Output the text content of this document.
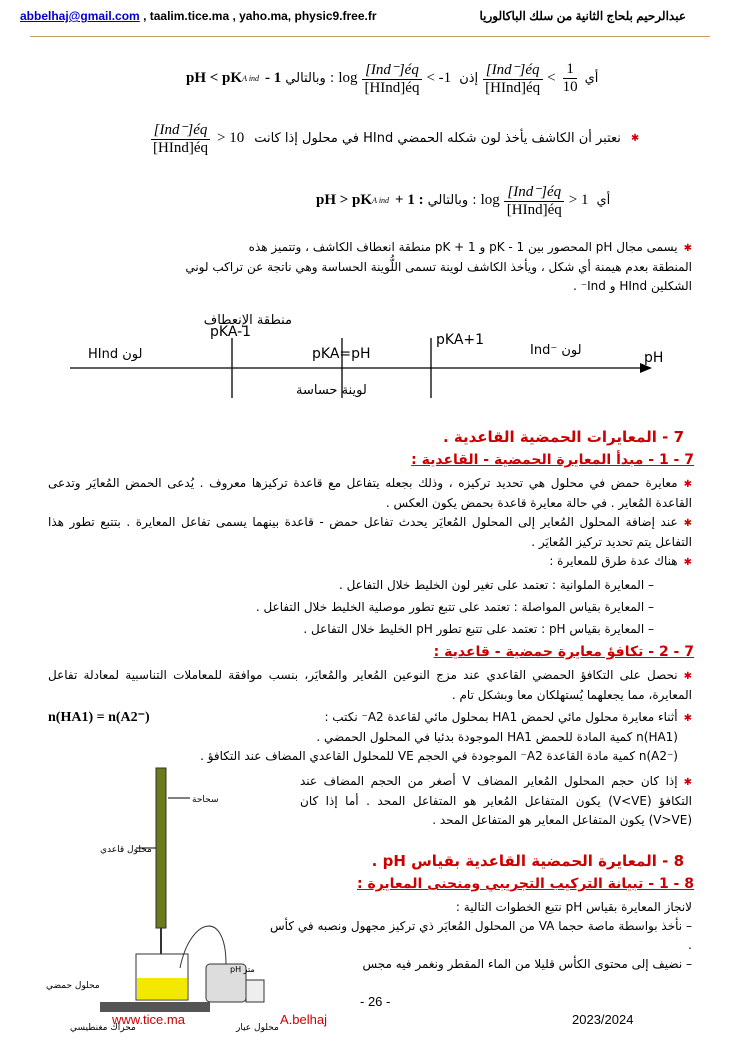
abbelhaj@gmail.com , taalim.tice.ma , yaho.ma, physic9.free.fr	عبدالرحيم بلحاج الثانية من سلك الباكالوريا
pH < pK A ind - 1 وبالتالي : $\log \frac{\text{[Ind⁻]éq}}{\text{[HInd]éq}} < -1$ إذن $\frac{\text{[Ind⁻]éq}}{\text{[HInd]éq}} < \frac{1}{10}$ أي
$\frac{\text{[Ind⁻]éq}}{\text{[HInd]éq}} > 10$ نعتبر أن الكاشف يأخذ لون شكله الحمضي HInd في محلول إذا كانت ✱
pH > pK A ind + 1 : وبالتالي : $\log \frac{\text{[Ind⁻]éq}}{\text{[HInd]éq}} > 1$ أي
✱يسمى مجال pH المحصور بين pK - 1 و pK + 1 منطقة انعطاف الكاشف ، وتتميز هذه
المنطقة بعدم هيمنة أي شكل ، ويأخذ الكاشف لوينة تسمى اللُّوينة الحساسة وهي ناتجة عن تراكب لوني
الشكلين HInd و Ind⁻ .
منطقة الإنعطاف
pKA-1
pKA=pH
pKA+1
HInd لون	Ind⁻ لون	pH
لوينة حساسة
7 - المعايرات الحمضية القاعدية .
7 - 1 - مبدأ المعايرة الحمضية - القاعدية :
✱معايرة حمض في محلول هي تحديد تركيزه ، وذلك بجعله يتفاعل مع قاعدة تركيزها معروف . يُدعى الحمض المُعايَر وتدعى القاعدة المُعاير . في حالة معايرة قاعدة بحمض يكون العكس .
✱عند إضافة المحلول المُعاير إلى المحلول المُعايَر يحدث تفاعل حمض - قاعدة بينهما يسمى تفاعل المعايرة . بتتبع تطور هذا التفاعل يتم تحديد تركيز المُعايَر .
✱هناك عدة طرق للمعايرة :
– المعايرة الملوانية : تعتمد على تغير لون الخليط خلال التفاعل .
– المعايرة بقياس المواصلة : تعتمد على تتبع تطور موصلية الخليط خلال التفاعل .
– المعايرة بقياس pH : تعتمد على تتبع تطور pH الخليط خلال التفاعل .
7 - 2 - تكافؤ معايرة حمضية - قاعدية :
✱نحصل على التكافؤ الحمضي القاعدي عند مزج النوعين المُعاير والمُعايَر، بنسب موافقة للمعاملات التناسبية لمعادلة تفاعل المعايرة، مما يجعلهما يُستهلكان معا وبشكل تام .
✱أثناء معايرة محلول مائي لحمض HA1 بمحلول مائي لقاعدة A2⁻ نكتب :
n(HA1) = n(A2⁻)
n(HA1) كمية المادة للحمض HA1 الموجودة بدئيا في المحلول الحمضي .
n(A2⁻) كمية مادة القاعدة A2⁻ الموجودة في الحجم VE للمحلول القاعدي المضاف عند التكافؤ .
✱إذا كان حجم المحلول المُعاير المضاف V أصغر من الحجم المضاف عند التكافؤ (V<VE) يكون المتفاعل المُعاير هو المتفاعل المحد . أما إذا كان (V>VE) يكون المتفاعل المعاير هو المتفاعل المحد .
8 - المعايرة الحمضية القاعدية بقياس pH .
8 - 1 - تبيانة التركيب التجريبي ومنحنى المعايرة :
لانجاز المعايرة بقياس pH نتبع الخطوات التالية :
– نأخذ بواسطة ماصة حجما VA من المحلول المُعايَر ذي تركيز مجهول ونصبه في كأس .
– نضيف إلى محتوى الكأس قليلا من الماء المقطر ونغمر فيه مجس
سحاحة
محلول قاعدي
محلول حمضي
محراك مغنطيسي
pH متر
محلول عيار
- 26 -
www.tice.ma	A.belhaj	2023/2024
